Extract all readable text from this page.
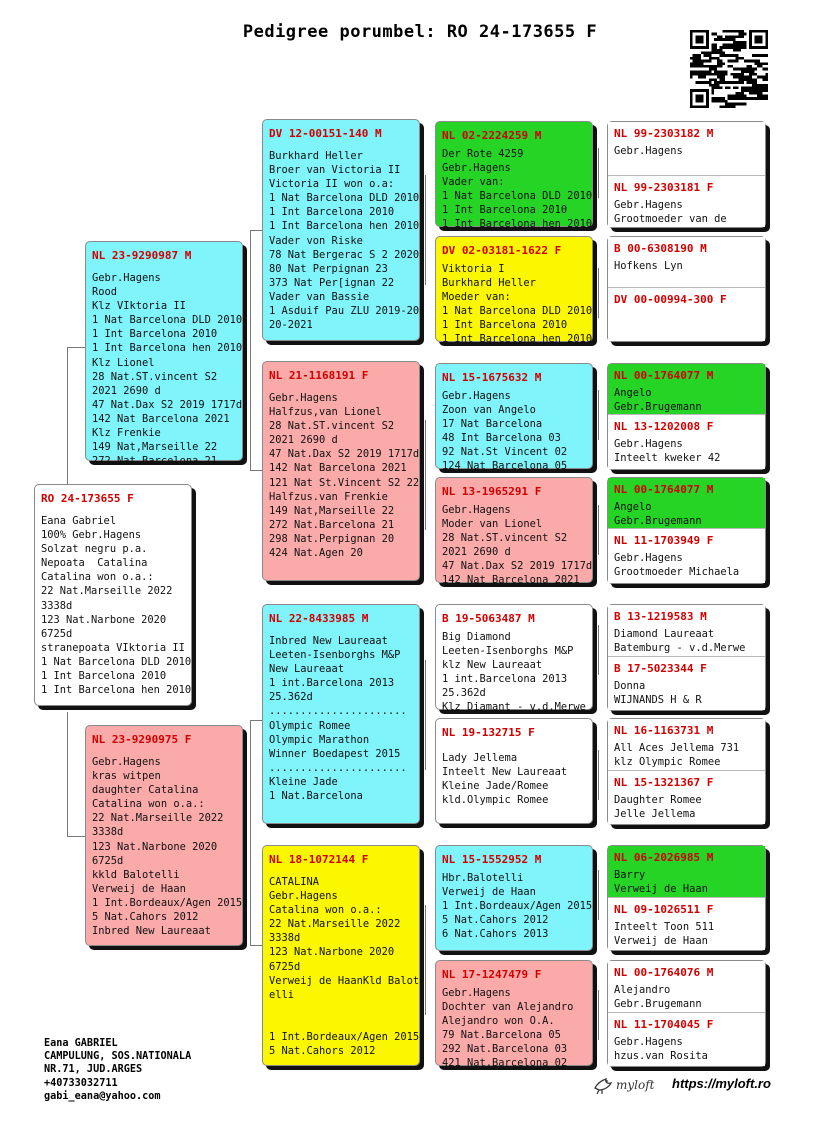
Pedigree porumbel: RO 24-173655 F
RO 24-173655 F
Eana Gabriel
100% Gebr.Hagens
Solzat negru p.a.
Nepoata  Catalina
Catalina won o.a.:
22 Nat.Marseille 2022
3338d
123 Nat.Narbone 2020
6725d
stranepoata VIktoria II
1 Nat Barcelona DLD 2010
1 Int Barcelona 2010
1 Int Barcelona hen 2010
NL 23-9290987 M
Gebr.Hagens
Rood
Klz VIktoria II
1 Nat Barcelona DLD 2010
1 Int Barcelona 2010
1 Int Barcelona hen 2010
Klz Lionel
28 Nat.ST.vincent S2
2021 2690 d
47 Nat.Dax S2 2019 1717d
142 Nat Barcelona 2021
Klz Frenkie
149 Nat,Marseille 22
272 Nat.Barcelona 21
NL 23-9290975 F
Gebr.Hagens
kras witpen
daughter Catalina
Catalina won o.a.:
22 Nat.Marseille 2022
3338d
123 Nat.Narbone 2020
6725d
kkld Balotelli
Verweij de Haan
1 Int.Bordeaux/Agen 2015
5 Nat.Cahors 2012
Inbred New Laureaat
DV 12-00151-140 M
Burkhard Heller
Broer van Victoria II
Victoria II won o.a:
1 Nat Barcelona DLD 2010
1 Int Barcelona 2010
1 Int Barcelona hen 2010
Vader von Riske
78 Nat Bergerac S 2 2020
80 Nat Perpignan 23
373 Nat Per[ignan 22
Vader van Bassie
1 Asduif Pau ZLU 2019-20
20-2021
NL 21-1168191 F
Gebr.Hagens
Halfzus,van Lionel
28 Nat.ST.vincent S2
2021 2690 d
47 Nat.Dax S2 2019 1717d
142 Nat Barcelona 2021
121 Nat St.Vincent S2 22
Halfzus.van Frenkie
149 Nat,Marseille 22
272 Nat.Barcelona 21
298 Nat.Perpignan 20
424 Nat.Agen 20
NL 22-8433985 M
Inbred New Laureaat
Leeten-Isenborghs M&P
New Laureaat
1 int.Barcelona 2013
25.362d
......................
Olympic Romee
Olympic Marathon
Winner Boedapest 2015
......................
Kleine Jade
1 Nat.Barcelona
NL 18-1072144 F
CATALINA
Gebr.Hagens
Catalina won o.a.:
22 Nat.Marseille 2022
3338d
123 Nat.Narbone 2020
6725d
Verweij de HaanKld Balot
elli

1 Int.Bordeaux/Agen 2015
5 Nat.Cahors 2012
NL 02-2224259 M
Der Rote 4259
Gebr.Hagens
Vader van:
1 Nat Barcelona DLD 2010
1 Int Barcelona 2010
1 Int Barcelona hen 2010
DV 02-03181-1622 F
Viktoria I
Burkhard Heller
Moeder van:
1 Nat Barcelona DLD 2010
1 Int Barcelona 2010
1 Int Barcelona hen 2010
NL 15-1675632 M
Gebr.Hagens
Zoon van Angelo
17 Nat Barcelona
48 Int Barcelona 03
92 Nat.St Vincent 02
124 Nat Barcelona 05
NL 13-1965291 F
Gebr.Hagens
Moder van Lionel
28 Nat.ST.vincent S2
2021 2690 d
47 Nat.Dax S2 2019 1717d
142 Nat Barcelona 2021
B 19-5063487 M
Big Diamond
Leeten-Isenborghs M&P
klz New Laureaat
1 int.Barcelona 2013
25.362d
Klz Diamant - v.d.Merwe
NL 19-132715 F
Lady Jellema
Inteelt New Laureaat
Kleine Jade/Romee
kld.Olympic Romee
NL 15-1552952 M
Hbr.Balotelli
Verweij de Haan
1 Int.Bordeaux/Agen 2015
5 Nat.Cahors 2012
6 Nat.Cahors 2013
NL 17-1247479 F
Gebr.Hagens
Dochter van Alejandro
Alejandro won O.A.
79 Nat.Barcelona 05
292 Nat.Barcelona 03
421 Nat.Barcelona 02
NL 99-2303182 M
Gebr.Hagens
NL 99-2303181 F
Gebr.Hagens
Grootmoeder van de
B 00-6308190 M
Hofkens Lyn
DV 00-00994-300 F
NL 00-1764077 M
Angelo
Gebr.Brugemann
NL 13-1202008 F
Gebr.Hagens
Inteelt kweker 42
NL 00-1764077 M
Angelo
Gebr.Brugemann
NL 11-1703949 F
Gebr.Hagens
Grootmoeder Michaela
B 13-1219583 M
Diamond Laureaat
Batemburg - v.d.Merwe
B 17-5023344 F
Donna
WIJNANDS H & R
NL 16-1163731 M
All Aces Jellema 731
klz Olympic Romee
NL 15-1321367 F
Daughter Romee
Jelle Jellema
NL 06-2026985 M
Barry
Verweij de Haan
NL 09-1026511 F
Inteelt Toon 511
Verweij de Haan
NL 00-1764076 M
Alejandro
Gebr.Brugemann
NL 11-1704045 F
Gebr.Hagens
hzus.van Rosita
Eana GABRIEL
CAMPULUNG, SOS.NATIONALA
NR.71, JUD.ARGES
+40733032711
gabi_eana@yahoo.com
myloft https://myloft.ro
